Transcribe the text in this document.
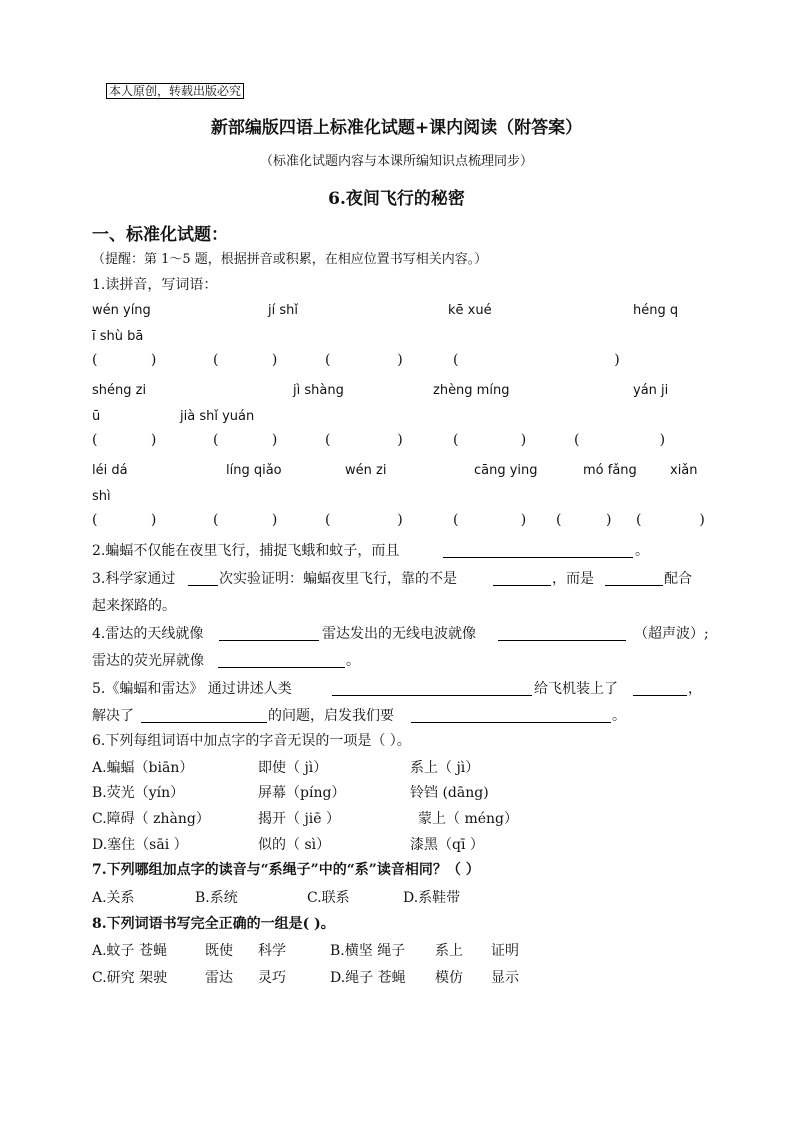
本人原创，转载出版必究
新部编版四语上标准化试题+课内阅读（附答案）
（标准化试题内容与本课所编知识点梳理同步）
6.夜间飞行的秘密
一、标准化试题：
（提醒：第 1～5 题，根据拼音或积累，在相应位置书写相关内容。）
1.读拼音，写词语：
wén yíng	jí shǐ	kē xué	héng q
ī shù bā
(            )	(            )	(               )	(                                   )
shéng zi	jì shàng	zhèng míng	yán ji
ū	jià shǐ yuán
(            )	(            )	(               )	(              )	(                  )
léi dá	líng qiǎo	wén zi	cāng ying	mó fǎng	xiǎn
shì
(            )	(            )	(               )	(              ) (          ) (             )
2.蝙蝠不仅能在夜里飞行，捕捉飞蛾和蚊子，而且	。
3.科学家通过	次实验证明：蝙蝠夜里飞行，靠的不是	，而是	配合
起来探路的。
4.雷达的天线就像	雷达发出的无线电波就像	（超声波）;
雷达的荧光屏就像	。
5.《蝙蝠和雷达》 通过讲述人类	给飞机装上了	，
解决了	的问题，启发我们要	。
6.下列每组词语中加点字的字音无误的一项是（ ）。
A.蝙蝠（biān）	即使（ jì）	系上（ jì）
B.荧光（yín）	屏幕（píng）	铃铛 (dāng)
C.障碍（ zhàng）	揭开（ jiē ）	蒙上（ méng）
D.塞住（sāi ）	似的（ sì）	漆黑（qī ）
7.下列哪组加点字的读音与“系绳子”中的“系”读音相同？（ ）
A.关系	B.系统	C.联系	D.系鞋带
8.下列词语书写完全正确的一组是( )。
A.蚊子 苍蝇	既使 科学	B.横坚 绳子 系上 证明
C.研究 架驶	雷达 灵巧	D.绳子 苍蝇 模仿 显示
